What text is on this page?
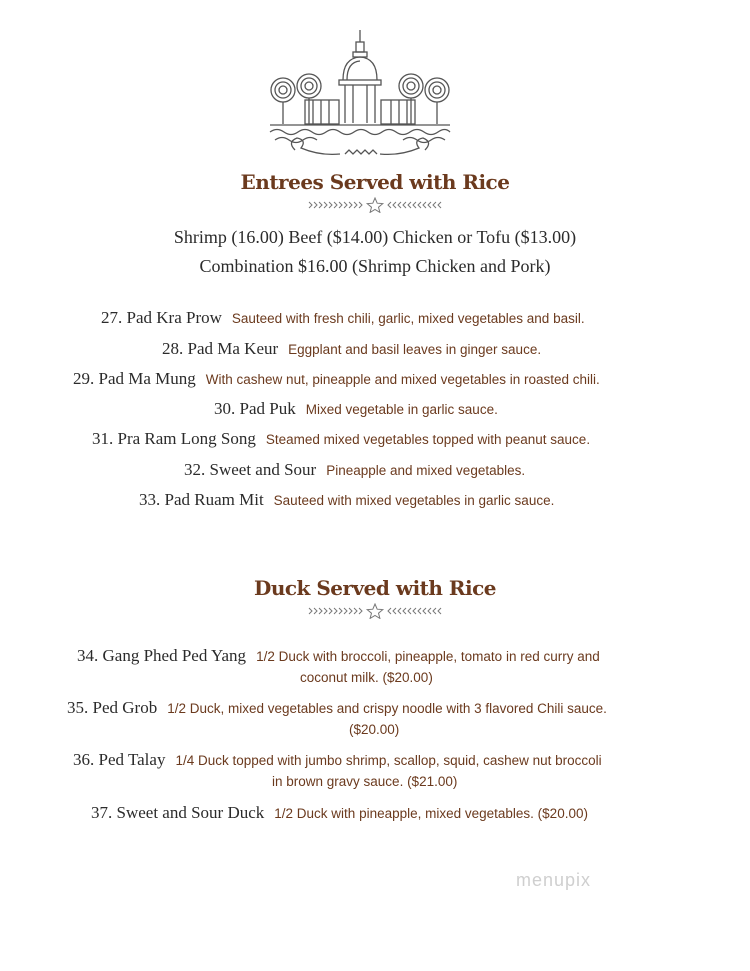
Entrees Served with Rice
Shrimp (16.00) Beef ($14.00) Chicken or Tofu ($13.00)
Combination $16.00 (Shrimp Chicken and Pork)
27. Pad Kra Prow Sauteed with fresh chili, garlic, mixed vegetables and basil.
28. Pad Ma Keur Eggplant and basil leaves in ginger sauce.
29. Pad Ma Mung With cashew nut, pineapple and mixed vegetables in roasted chili.
30. Pad Puk Mixed vegetable in garlic sauce.
31. Pra Ram Long Song Steamed mixed vegetables topped with peanut sauce.
32. Sweet and Sour Pineapple and mixed vegetables.
33. Pad Ruam Mit Sauteed with mixed vegetables in garlic sauce.
Duck Served with Rice
34. Gang Phed Ped Yang 1/2 Duck with broccoli, pineapple, tomato in red curry and
coconut milk. ($20.00)
35. Ped Grob 1/2 Duck, mixed vegetables and crispy noodle with 3 flavored Chili sauce.
($20.00)
36. Ped Talay 1/4 Duck topped with jumbo shrimp, scallop, squid, cashew nut broccoli
in brown gravy sauce. ($21.00)
37. Sweet and Sour Duck 1/2 Duck with pineapple, mixed vegetables. ($20.00)
menupix
